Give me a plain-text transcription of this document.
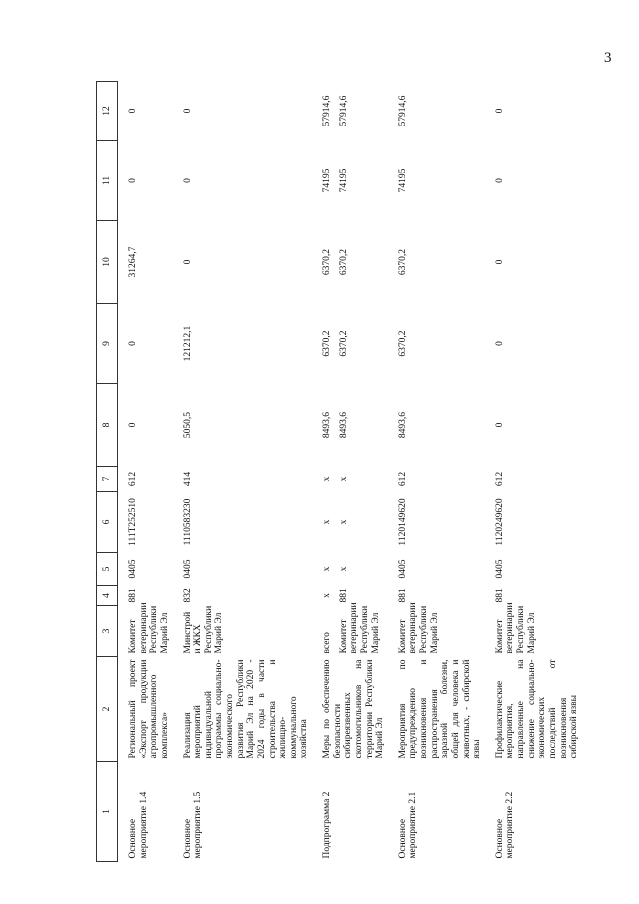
3
1	2	3	4	5	6	7	8	9	10	11	12
Основное мероприятие 1.4	Региональный проект «Экспорт продукции агропромышленного комплекса»	Комитет ветеринарии Республики Марий Эл	881	0405	111T252510	612	0	0	31264,7	0	0
Основное мероприятие 1.5	Реализация мероприятий индивидуальной программы социально-экономического развития Республики Марий Эл на 2020 - 2024 годы в части строительства и жилищно-коммунального хозяйства	Минстрой и ЖКХ Республики Марий Эл	832	0405	1110583230	414	5050,5	121212,1	0	0	0
Подпрограмма 2	Меры по обеспечению безопасности сибиреязвенных скотомогильников на территории Республики Марий Эл	всего	х	х	х	х	8493,6	6370,2	6370,2	74195	57914,6
		Комитет ветеринарии Республики Марий Эл	881	х	х	х	8493,6	6370,2	6370,2	74195	57914,6
Основное мероприятие 2.1	Мероприятия по предупреждению возникновения и распространения заразной болезни, общей для человека и животных, - сибирской язвы	Комитет ветеринарии Республики Марий Эл	881	0405	1120149620	612	8493,6	6370,2	6370,2	74195	57914,6
Основное мероприятие 2.2	Профилактические мероприятия, направленные на снижение социально-экономических последствий от возникновения сибирской язвы	Комитет ветеринарии Республики Марий Эл	881	0405	1120249620	612	0	0	0	0	0
